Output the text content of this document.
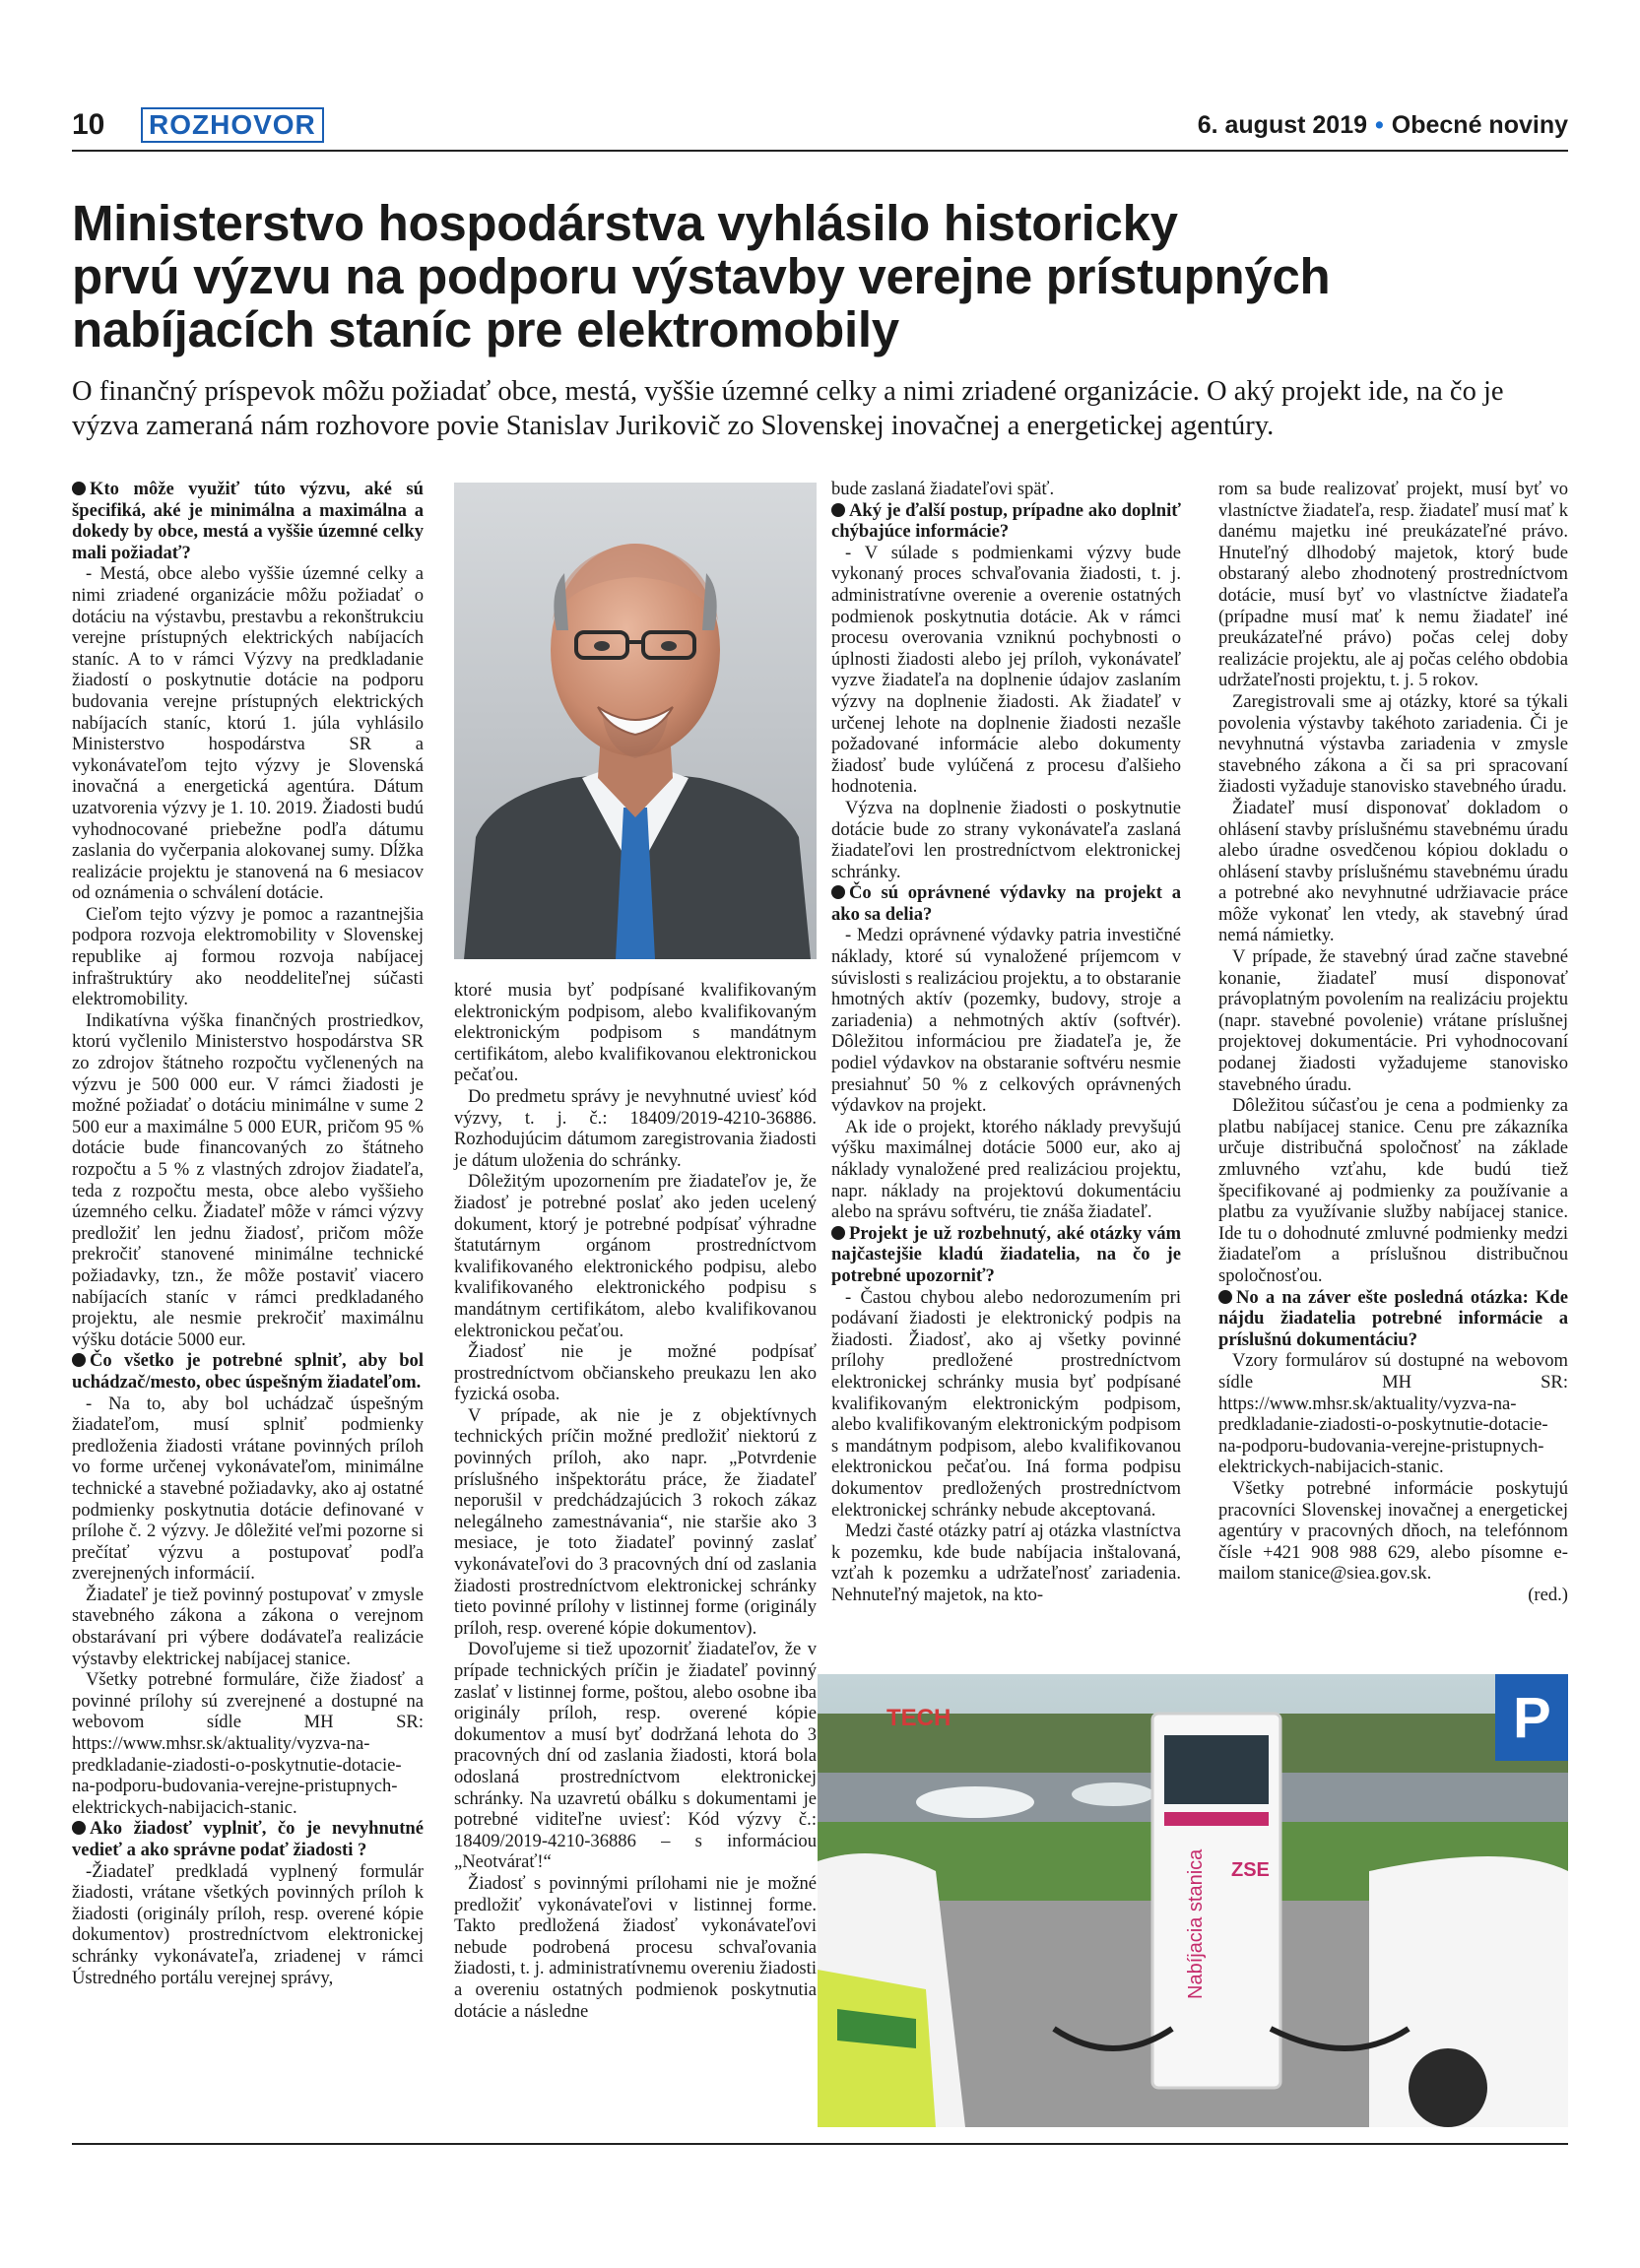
10 ROZHOVOR	6. august 2019 • Obecné noviny
Ministerstvo hospodárstva vyhlásilo historicky
prvú výzvu na podporu výstavby verejne prístupných
nabíjacích staníc pre elektromobily
O finančný príspevok môžu požiadať obce, mestá, vyššie územné celky a nimi zriadené organizácie. O aký projekt ide, na čo je výzva zameraná nám rozhovore povie Stanislav Jurikovič zo Slovenskej inovačnej a energetickej agentúry.

Kto môže využiť túto výzvu, aké sú špecifiká, aké je minimálna a maximálna a dokedy by obce, mestá a vyššie územné celky mali požiadať?

- Mestá, obce alebo vyššie územné celky a nimi zriadené organizácie môžu požiadať o dotáciu na výstavbu, prestavbu a rekonštrukciu verejne prístupných elektrických nabíjacích staníc. A to v rámci Výzvy na predkladanie žiadostí o poskytnutie dotácie na podporu budovania verejne prístupných elektrických nabíjacích staníc, ktorú 1. júla vyhlásilo Ministerstvo hospodárstva SR a vykonávateľom tejto výzvy je Slovenská inovačná a energetická agentúra. Dátum uzatvorenia výzvy je 1. 10. 2019. Žiadosti budú vyhodnocované priebežne podľa dátumu zaslania do vyčerpania alokovanej sumy. Dĺžka realizácie projektu je stanovená na 6 mesiacov od oznámenia o schválení dotácie.

Cieľom tejto výzvy je pomoc a razantnejšia podpora rozvoja elektromobility v Slovenskej republike aj formou rozvoja nabíjacej infraštruktúry ako neoddeliteľnej súčasti elektromobility.

Indikatívna výška finančných prostriedkov, ktorú vyčlenilo Ministerstvo hospodárstva SR zo zdrojov štátneho rozpočtu vyčlenených na výzvu je 500 000 eur. V rámci žiadosti je možné požiadať o dotáciu minimálne v sume 2 500 eur a maximálne 5 000 EUR, pričom 95 % dotácie bude financovaných zo štátneho rozpočtu a 5 % z vlastných zdrojov žiadateľa, teda z rozpočtu mesta, obce alebo vyššieho územného celku. Žiadateľ môže v rámci výzvy predložiť len jednu žiadosť, pričom môže prekročiť stanovené minimálne technické požiadavky, tzn., že môže postaviť viacero nabíjacích staníc v rámci predkladaného projektu, ale nesmie prekročiť maximálnu výšku dotácie 5000 eur.

Čo všetko je potrebné splniť, aby bol uchádzač/mesto, obec úspešným žiadateľom.

- Na to, aby bol uchádzač úspešným žiadateľom, musí splniť podmienky predloženia žiadosti vrátane povinných príloh vo forme určenej vykonávateľom, minimálne technické a stavebné požiadavky, ako aj ostatné podmienky poskytnutia dotácie definované v prílohe č. 2 výzvy. Je dôležité veľmi pozorne si prečítať výzvu a postupovať podľa zverejnených informácií.

Žiadateľ je tiež povinný postupovať v zmysle stavebného zákona a zákona o verejnom obstarávaní pri výbere dodávateľa realizácie výstavby elektrickej nabíjacej stanice.

Všetky potrebné formuláre, čiže žiadosť a povinné prílohy sú zverejnené a dostupné na webovom sídle MH SR: https://www.mhsr.sk/aktuality/vyzva-na-predkladanie-ziadosti-o-poskytnutie-dotacie-na-podporu-budovania-verejne-pristupnych-elektrickych-nabijacich-stanic.

Ako žiadosť vyplniť, čo je nevyhnutné vedieť a ako správne podať žiadosti ?

-Žiadateľ predkladá vyplnený formulár žiadosti, vrátane všetkých povinných príloh k žiadosti (originály príloh, resp. overené kópie dokumentov) prostredníctvom elektronickej schránky vykonávateľa, zriadenej v rámci Ústredného portálu verejnej správy,

ktoré musia byť podpísané kvalifikovaným elektronickým podpisom, alebo kvalifikovaným elektronickým podpisom s mandátnym certifikátom, alebo kvalifikovanou elektronickou pečaťou.

Do predmetu správy je nevyhnutné uviesť kód výzvy, t. j. č.: 18409/2019-4210-36886. Rozhodujúcim dátumom zaregistrovania žiadosti je dátum uloženia do schránky.

Dôležitým upozornením pre žiadateľov je, že žiadosť je potrebné poslať ako jeden ucelený dokument, ktorý je potrebné podpísať výhradne štatutárnym orgánom prostredníctvom kvalifikovaného elektronického podpisu, alebo kvalifikovaného elektronického podpisu s mandátnym certifikátom, alebo kvalifikovanou elektronickou pečaťou.

Žiadosť nie je možné podpísať prostredníctvom občianskeho preukazu len ako fyzická osoba.

V prípade, ak nie je z objektívnych technických príčin možné predložiť niektorú z povinných príloh, ako napr. „Potvrdenie príslušného inšpektorátu práce, že žiadateľ neporušil v predchádzajúcich 3 rokoch zákaz nelegálneho zamestnávania“, nie staršie ako 3 mesiace, je toto žiadateľ povinný zaslať vykonávateľovi do 3 pracovných dní od zaslania žiadosti prostredníctvom elektronickej schránky tieto povinné prílohy v listinnej forme (originály príloh, resp. overené kópie dokumentov).

Dovoľujeme si tiež upozorniť žiadateľov, že v prípade technických príčin je žiadateľ povinný zaslať v listinnej forme, poštou, alebo osobne iba originály príloh, resp. overené kópie dokumentov a musí byť dodržaná lehota do 3 pracovných dní od zaslania žiadosti, ktorá bola odoslaná prostredníctvom elektronickej schránky. Na uzavretú obálku s dokumentami je potrebné viditeľne uviesť: Kód výzvy č.: 18409/2019-4210-36886 – s informáciou „Neotvárať!“

Žiadosť s povinnými prílohami nie je možné predložiť vykonávateľovi v listinnej forme. Takto predložená žiadosť vykonávateľovi nebude podrobená procesu schvaľovania žiadosti, t. j. administratívnemu overeniu žiadosti a overeniu ostatných podmienok poskytnutia dotácie a následne

bude zaslaná žiadateľovi späť.

Aký je ďalší postup, prípadne ako doplniť chýbajúce informácie?

- V súlade s podmienkami výzvy bude vykonaný proces schvaľovania žiadosti, t. j. administratívne overenie a overenie ostatných podmienok poskytnutia dotácie. Ak v rámci procesu overovania vzniknú pochybnosti o úplnosti žiadosti alebo jej príloh, vykonávateľ vyzve žiadateľa na doplnenie údajov zaslaním výzvy na doplnenie žiadosti. Ak žiadateľ v určenej lehote na doplnenie žiadosti nezašle požadované informácie alebo dokumenty žiadosť bude vylúčená z procesu ďalšieho hodnotenia.

Výzva na doplnenie žiadosti o poskytnutie dotácie bude zo strany vykonávateľa zaslaná žiadateľovi len prostredníctvom elektronickej schránky.

Čo sú oprávnené výdavky na projekt a ako sa delia?

- Medzi oprávnené výdavky patria investičné náklady, ktoré sú vynaložené príjemcom v súvislosti s realizáciou projektu, a to obstaranie hmotných aktív (pozemky, budovy, stroje a zariadenia) a nehmotných aktív (softvér). Dôležitou informáciou pre žiadateľa je, že podiel výdavkov na obstaranie softvéru nesmie presiahnuť 50 % z celkových oprávnených výdavkov na projekt.

Ak ide o projekt, ktorého náklady prevyšujú výšku maximálnej dotácie 5000 eur, ako aj náklady vynaložené pred realizáciou projektu, napr. náklady na projektovú dokumentáciu alebo na správu softvéru, tie znáša žiadateľ.

Projekt je už rozbehnutý, aké otázky vám najčastejšie kladú žiadatelia, na čo je potrebné upozorniť?

- Častou chybou alebo nedorozumením pri podávaní žiadosti je elektronický podpis na žiadosti. Žiadosť, ako aj všetky povinné prílohy predložené prostredníctvom elektronickej schránky musia byť podpísané kvalifikovaným elektronickým podpisom, alebo kvalifikovaným elektronickým podpisom s mandátnym podpisom, alebo kvalifikovanou elektronickou pečaťou. Iná forma podpisu dokumentov predložených prostredníctvom elektronickej schránky nebude akceptovaná.

Medzi časté otázky patrí aj otázka vlastníctva k pozemku, kde bude nabíjacia inštalovaná, vzťah k pozemku a udržateľnosť zariadenia. Nehnuteľný majetok, na kto-

rom sa bude realizovať projekt, musí byť vo vlastníctve žiadateľa, resp. žiadateľ musí mať k danému majetku iné preukázateľné právo. Hnuteľný dlhodobý majetok, ktorý bude obstaraný alebo zhodnotený prostredníctvom dotácie, musí byť vo vlastníctve žiadateľa (prípadne musí mať k nemu žiadateľ iné preukázateľné právo) počas celej doby realizácie projektu, ale aj počas celého obdobia udržateľnosti projektu, t. j. 5 rokov.

Zaregistrovali sme aj otázky, ktoré sa týkali povolenia výstavby takéhoto zariadenia. Či je nevyhnutná výstavba zariadenia v zmysle stavebného zákona a či sa pri spracovaní žiadosti vyžaduje stanovisko stavebného úradu.

Žiadateľ musí disponovať dokladom o ohlásení stavby príslušnému stavebnému úradu alebo úradne osvedčenou kópiou dokladu o ohlásení stavby príslušnému stavebnému úradu a potrebné ako nevyhnutné udržiavacie práce môže vykonať len vtedy, ak stavebný úrad nemá námietky.

V prípade, že stavebný úrad začne stavebné konanie, žiadateľ musí disponovať právoplatným povolením na realizáciu projektu (napr. stavebné povolenie) vrátane príslušnej projektovej dokumentácie. Pri vyhodnocovaní podanej žiadosti vyžadujeme stanovisko stavebného úradu.

Dôležitou súčasťou je cena a podmienky za platbu nabíjacej stanice. Cenu pre zákazníka určuje distribučná spoločnosť na základe zmluvného vzťahu, kde budú tiež špecifikované aj podmienky za používanie a platbu za využívanie služby nabíjacej stanice. Ide tu o dohodnuté zmluvné podmienky medzi žiadateľom a príslušnou distribučnou spoločnosťou.

No a na záver ešte posledná otázka: Kde nájdu žiadatelia potrebné informácie a príslušnú dokumentáciu?

Vzory formulárov sú dostupné na webovom sídle MH SR: https://www.mhsr.sk/aktuality/vyzva-na-predkladanie-ziadosti-o-poskytnutie-dotacie-na-podporu-budovania-verejne-pristupnych-elektrickych-nabijacich-stanic.

Všetky potrebné informácie poskytujú pracovníci Slovenskej inovačnej a energetickej agentúry v pracovných dňoch, na telefónnom čísle +421 908 988 629, alebo písomne e-mailom stanice@siea.gov.sk.

(red.)

TECH	P
ZSE
Nabíjacia stanica
